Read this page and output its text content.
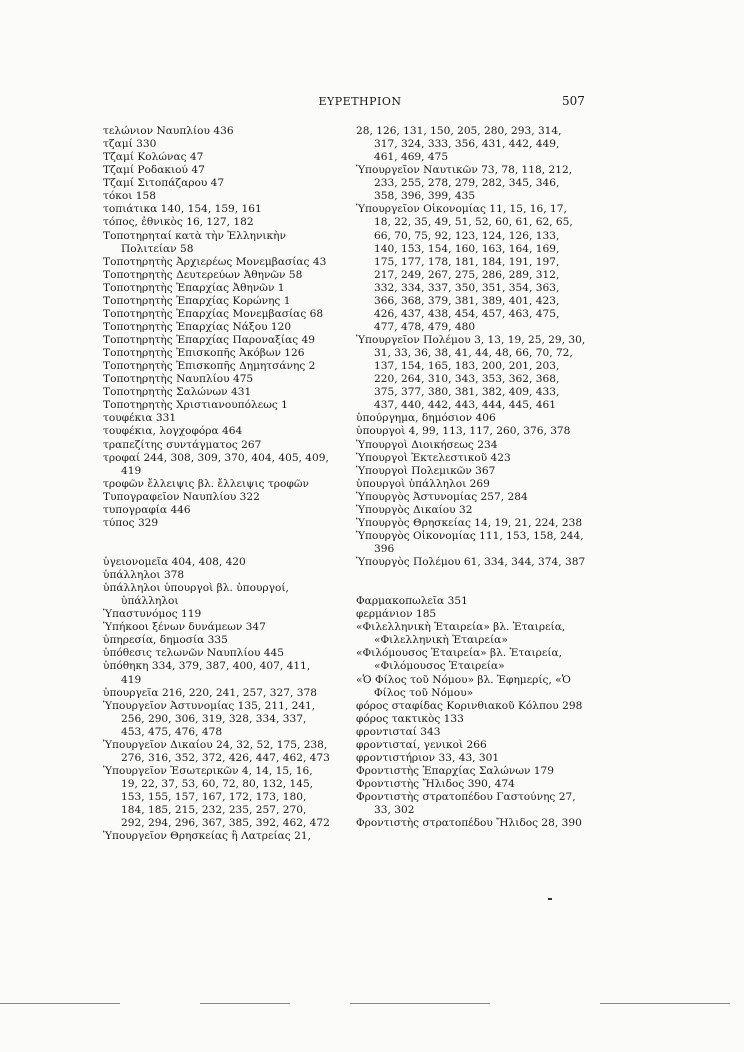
ΕΥΡΕΤΗΡΙΟΝ	507
τελώνιον Ναυπλίου 436
τζαμί 330
Τζαμί Κολώνας 47
Τζαμί Ροδακιού 47
Τζαμί Σιτοπάζαρου 47
τόκοι 158
τοπιάτικα 140, 154, 159, 161
τόπος, ἐθνικὸς 16, 127, 182
Τοποτηρηταί κατὰ τὴν Ἑλληνικὴν Πολιτείαν 58
Τοποτηρητὴς Ἀρχιερέως Μονεμβασίας 43
Τοποτηρητὴς Δευτερεύων Ἀθηνῶν 58
Τοποτηρητὴς Ἐπαρχίας Ἀθηνῶν 1
Τοποτηρητὴς Ἐπαρχίας Κορώνης 1
Τοποτηρητὴς Ἐπαρχίας Μονεμβασίας 68
Τοποτηρητὴς Ἐπαρχίας Νάξου 120
Τοποτηρητὴς Ἐπαρχίας Παροναξίας 49
Τοποτηρητὴς Ἐπισκοπῆς Ἀκόβων 126
Τοποτηρητὴς Ἐπισκοπῆς Δημητσάνης 2
Τοποτηρητὴς Ναυπλίου 475
Τοποτηρητὴς Σαλώνων 431
Τοποτηρητὴς Χριστιανουπόλεως 1
τουφέκια 331
τουφέκια, λογχοφόρα 464
τραπεζίτης συντάγματος 267
τροφαί 244, 308, 309, 370, 404, 405, 409, 419
τροφῶν ἔλλειψις βλ. ἔλλειψις τροφῶν
Τυπογραφεῖον Ναυπλίου 322
τυπογραφία 446
τύπος 329
ὑγειονομεῖα 404, 408, 420
ὑπάλληλοι 378
ὑπάλληλοι ὑπουργοὶ βλ. ὑπουργοί, ὑπάλληλοι
Ὑπαστυνόμος 119
Ὑπήκοοι ξένων δυνάμεων 347
ὑπηρεσία, δημοσία 335
ὑπόθεσις τελωνῶν Ναυπλίου 445
ὑπόθηκη 334, 379, 387, 400, 407, 411, 419
ὑπουργεῖα 216, 220, 241, 257, 327, 378
Ὑπουργεῖον Ἀστυνομίας 135, 211, 241, 256, 290, 306, 319, 328, 334, 337, 453, 475, 476, 478
Ὑπουργεῖον Δικαίου 24, 32, 52, 175, 238, 276, 316, 352, 372, 426, 447, 462, 473
Ὑπουργεῖον Ἐσωτερικῶν 4, 14, 15, 16, 19, 22, 37, 53, 60, 72, 80, 132, 145, 153, 155, 157, 167, 172, 173, 180, 184, 185, 215, 232, 235, 257, 270, 292, 294, 296, 367, 385, 392, 462, 472
Ὑπουργεῖον Θρησκείας ἢ Λατρείας 21,
28, 126, 131, 150, 205, 280, 293, 314, 317, 324, 333, 356, 431, 442, 449, 461, 469, 475
Ὑπουργεῖον Ναυτικῶν 73, 78, 118, 212, 233, 255, 278, 279, 282, 345, 346, 358, 396, 399, 435
Ὑπουργεῖον Οἰκονομίας 11, 15, 16, 17, 18, 22, 35, 49, 51, 52, 60, 61, 62, 65, 66, 70, 75, 92, 123, 124, 126, 133, 140, 153, 154, 160, 163, 164, 169, 175, 177, 178, 181, 184, 191, 197, 217, 249, 267, 275, 286, 289, 312, 332, 334, 337, 350, 351, 354, 363, 366, 368, 379, 381, 389, 401, 423, 426, 437, 438, 454, 457, 463, 475, 477, 478, 479, 480
Ὑπουργεῖον Πολέμου 3, 13, 19, 25, 29, 30, 31, 33, 36, 38, 41, 44, 48, 66, 70, 72, 137, 154, 165, 183, 200, 201, 203, 220, 264, 310, 343, 353, 362, 368, 375, 377, 380, 381, 382, 409, 433, 437, 440, 442, 443, 444, 445, 461
ὑπούργημα, δημόσιον 406
ὑπουργοὶ 4, 99, 113, 117, 260, 376, 378
Ὑπουργοὶ Διοικήσεως 234
Ὑπουργοὶ Ἐκτελεστικοῦ 423
Ὑπουργοὶ Πολεμικῶν 367
ὑπουργοὶ ὑπάλληλοι 269
Ὑπουργὸς Ἀστυνομίας 257, 284
Ὑπουργὸς Δικαίου 32
Ὑπουργὸς Θρησκείας 14, 19, 21, 224, 238
Ὑπουργὸς Οἰκονομίας 111, 153, 158, 244, 396
Ὑπουργὸς Πολέμου 61, 334, 344, 374, 387
Φαρμακοπωλεῖα 351
φερμάνιον 185
«Φιλελληνικὴ Ἑταιρεία» βλ. Ἑταιρεία, «Φιλελληνικὴ Ἑταιρεία»
«Φιλόμουσος Ἑταιρεία» βλ. Ἑταιρεία, «Φιλόμουσος Ἑταιρεία»
«Ὁ Φίλος τοῦ Νόμου» βλ. Ἐφημερίς, «Ὁ Φίλος τοῦ Νόμου»
φόρος σταφίδας Κορινθιακοῦ Κόλπου 298
φόρος τακτικὸς 133
φρονтισταί 343
φροντισταί, γενικοὶ 266
φροντιστήριον 33, 43, 301
Φροντιστὴς Ἐπαρχίας Σαλώνων 179
Φροντιστὴς Ἤλιδος 390, 474
Φροντιστὴς στρατοπέδου Γαστούνης 27, 33, 302
Φροντιστὴς στρατοπέδου Ἤλιδος 28, 390
